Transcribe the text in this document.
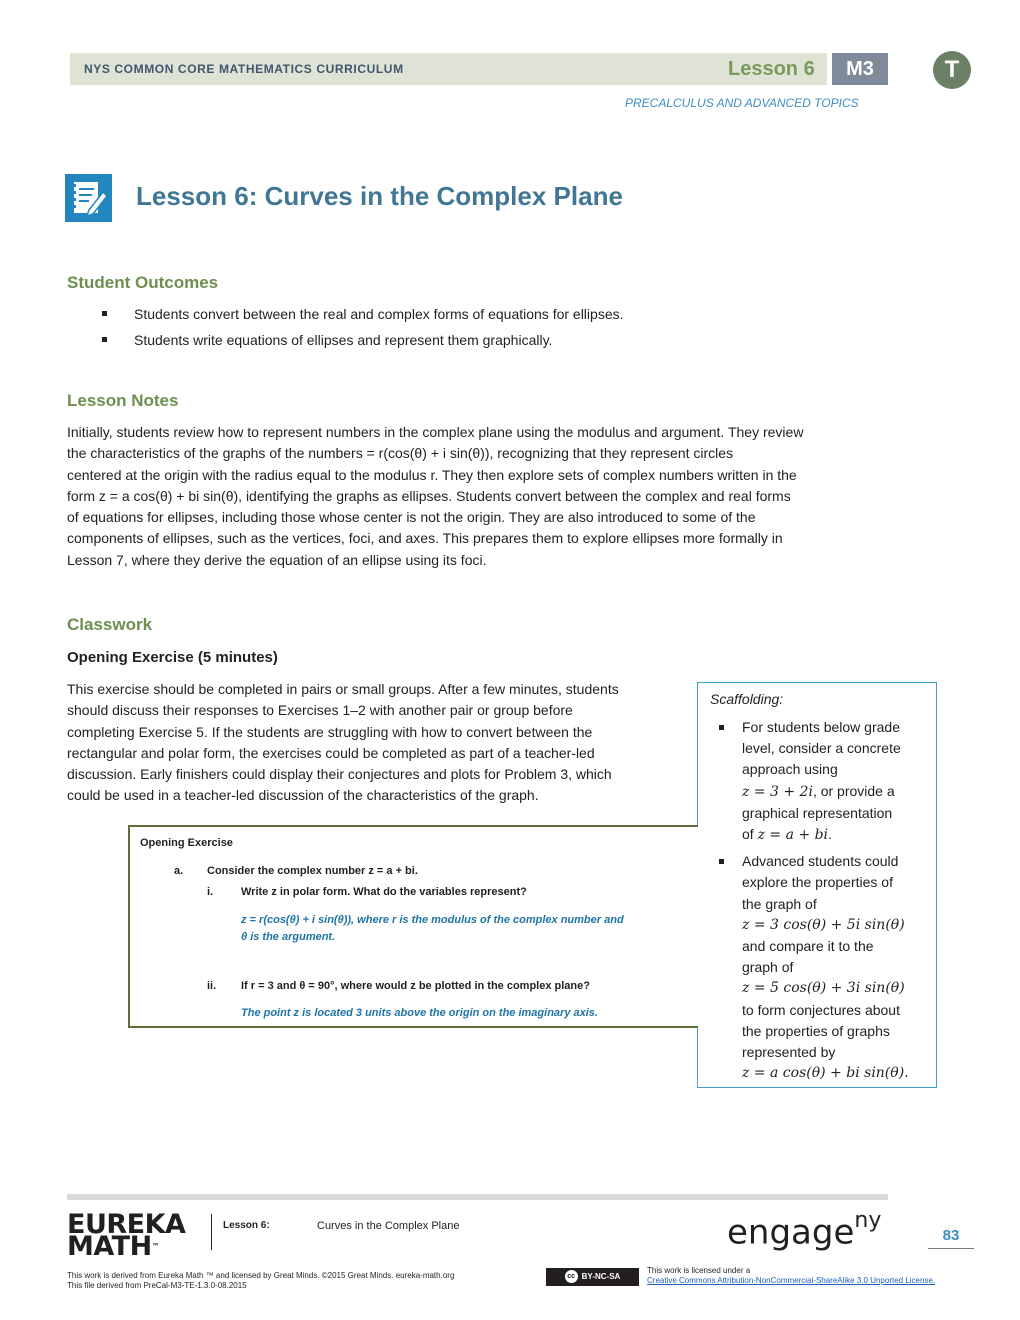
NYS COMMON CORE MATHEMATICS CURRICULUM	Lesson 6	M3	T
PRECALCULUS AND ADVANCED TOPICS
Lesson 6: Curves in the Complex Plane
Student Outcomes
Students convert between the real and complex forms of equations for ellipses.
Students write equations of ellipses and represent them graphically.
Lesson Notes

Initially, students review how to represent numbers in the complex plane using the modulus and argument. They review

the characteristics of the graphs of the numbers = r(cos(θ) + i sin(θ)), recognizing that they represent circles

centered at the origin with the radius equal to the modulus r. They then explore sets of complex numbers written in the

form z = a cos(θ) + bi sin(θ), identifying the graphs as ellipses. Students convert between the complex and real forms

of equations for ellipses, including those whose center is not the origin. They are also introduced to some of the

components of ellipses, such as the vertices, foci, and axes. This prepares them to explore ellipses more formally in

Lesson 7, where they derive the equation of an ellipse using its foci.

Classwork
Opening Exercise (5 minutes)

This exercise should be completed in pairs or small groups. After a few minutes, students

should discuss their responses to Exercises 1–2 with another pair or group before

completing Exercise 5. If the students are struggling with how to convert between the

rectangular and polar form, the exercises could be completed as part of a teacher-led

discussion. Early finishers could display their conjectures and plots for Problem 3, which

could be used in a teacher-led discussion of the characteristics of the graph.

Scaffolding:
For students below grade
level, consider a concrete
approach using
z = 3 + 2i, or provide a
graphical representation
of z = a + bi.
Advanced students could
explore the properties of
the graph of
z = 3 cos(θ) + 5i sin(θ)
and compare it to the
graph of
z = 5 cos(θ) + 3i sin(θ)
to form conjectures about
the properties of graphs
represented by
z = a cos(θ) + bi sin(θ).
Opening Exercise
a. Consider the complex number z = a + bi.
i.	Write z in polar form. What do the variables represent?
z = r(cos(θ) + i sin(θ)), where r is the modulus of the complex number and
θ is the argument.
ii. If r = 3 and θ = 90°, where would z be plotted in the complex plane?
The point z is located 3 units above the origin on the imaginary axis.
EUREKA
MATH™
Lesson 6:	Curves in the Complex Plane	engage$^{ny}$
83
This work is derived from Eureka Math ™ and licensed by Great Minds. ©2015 Great Minds. eureka-math.org
This file derived from PreCal-M3-TE-1.3.0-08.2015
cc BY-NC-SA
This work is licensed under a
Creative Commons Attribution-NonCommercial-ShareAlike 3.0 Unported License.
